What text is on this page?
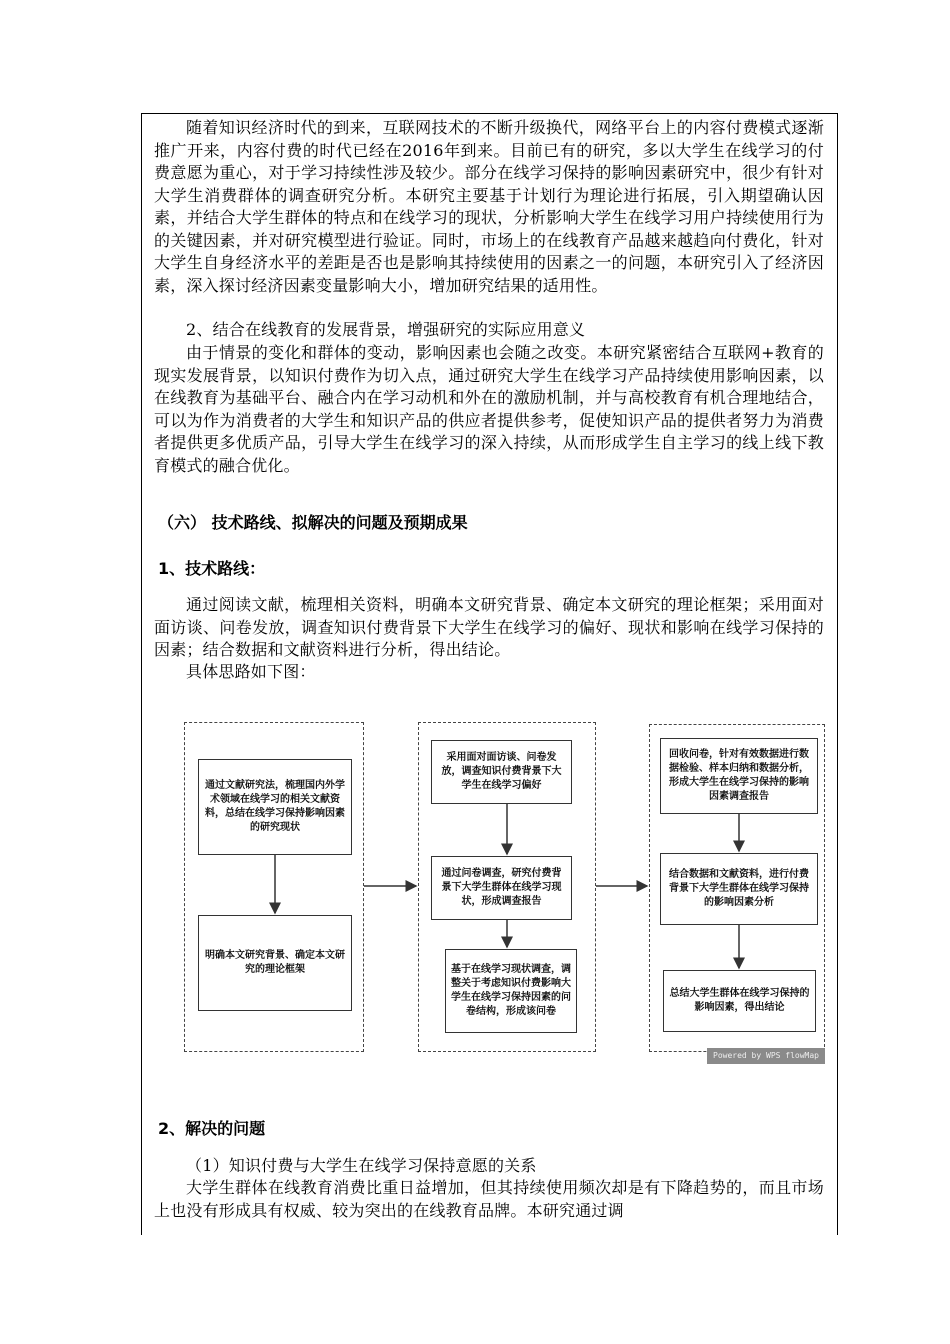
随着知识经济时代的到来，互联网技术的不断升级换代，网络平台上的内容付费模式逐渐推广开来，内容付费的时代已经在2016年到来。目前已有的研究，多以大学生在线学习的付费意愿为重心，对于学习持续性涉及较少。部分在线学习保持的影响因素研究中，很少有针对大学生消费群体的调查研究分析。本研究主要基于计划行为理论进行拓展，引入期望确认因素，并结合大学生群体的特点和在线学习的现状，分析影响大学生在线学习用户持续使用行为的关键因素，并对研究模型进行验证。同时，市场上的在线教育产品越来越趋向付费化，针对大学生自身经济水平的差距是否也是影响其持续使用的因素之一的问题，本研究引入了经济因素，深入探讨经济因素变量影响大小，增加研究结果的适用性。

2、结合在线教育的发展背景，增强研究的实际应用意义

由于情景的变化和群体的变动，影响因素也会随之改变。本研究紧密结合互联网+教育的现实发展背景，以知识付费作为切入点，通过研究大学生在线学习产品持续使用影响因素，以在线教育为基础平台、融合内在学习动机和外在的激励机制，并与高校教育有机合理地结合，可以为作为消费者的大学生和知识产品的供应者提供参考，促使知识产品的提供者努力为消费者提供更多优质产品，引导大学生在线学习的深入持续，从而形成学生自主学习的线上线下教育模式的融合优化。

（六） 技术路线、拟解决的问题及预期成果

1、技术路线：

通过阅读文献，梳理相关资料，明确本文研究背景、确定本文研究的理论框架；采用面对面访谈、问卷发放，调查知识付费背景下大学生在线学习的偏好、现状和影响在线学习保持的因素；结合数据和文献资料进行分析，得出结论。

具体思路如下图：

通过文献研究法，梳理国内外学术领域在线学习的相关文献资料，总结在线学习保持影响因素的研究现状
明确本文研究背景、确定本文研究的理论框架
采用面对面访谈、问卷发放，调查知识付费背景下大学生在线学习偏好
通过问卷调查，研究付费背景下大学生群体在线学习现状，形成调查报告
基于在线学习现状调查，调整关于考虑知识付费影响大学生在线学习保持因素的问卷结构，形成该问卷
回收问卷，针对有效数据进行数据检验、样本归纳和数据分析，形成大学生在线学习保持的影响因素调查报告
结合数据和文献资料，进行付费背景下大学生群体在线学习保持的影响因素分析
总结大学生群体在线学习保持的影响因素，得出结论
Powered by WPS flowMap

2、解决的问题

（1）知识付费与大学生在线学习保持意愿的关系

大学生群体在线教育消费比重日益增加，但其持续使用频次却是有下降趋势的，而且市场上也没有形成具有权威、较为突出的在线教育品牌。本研究通过调
